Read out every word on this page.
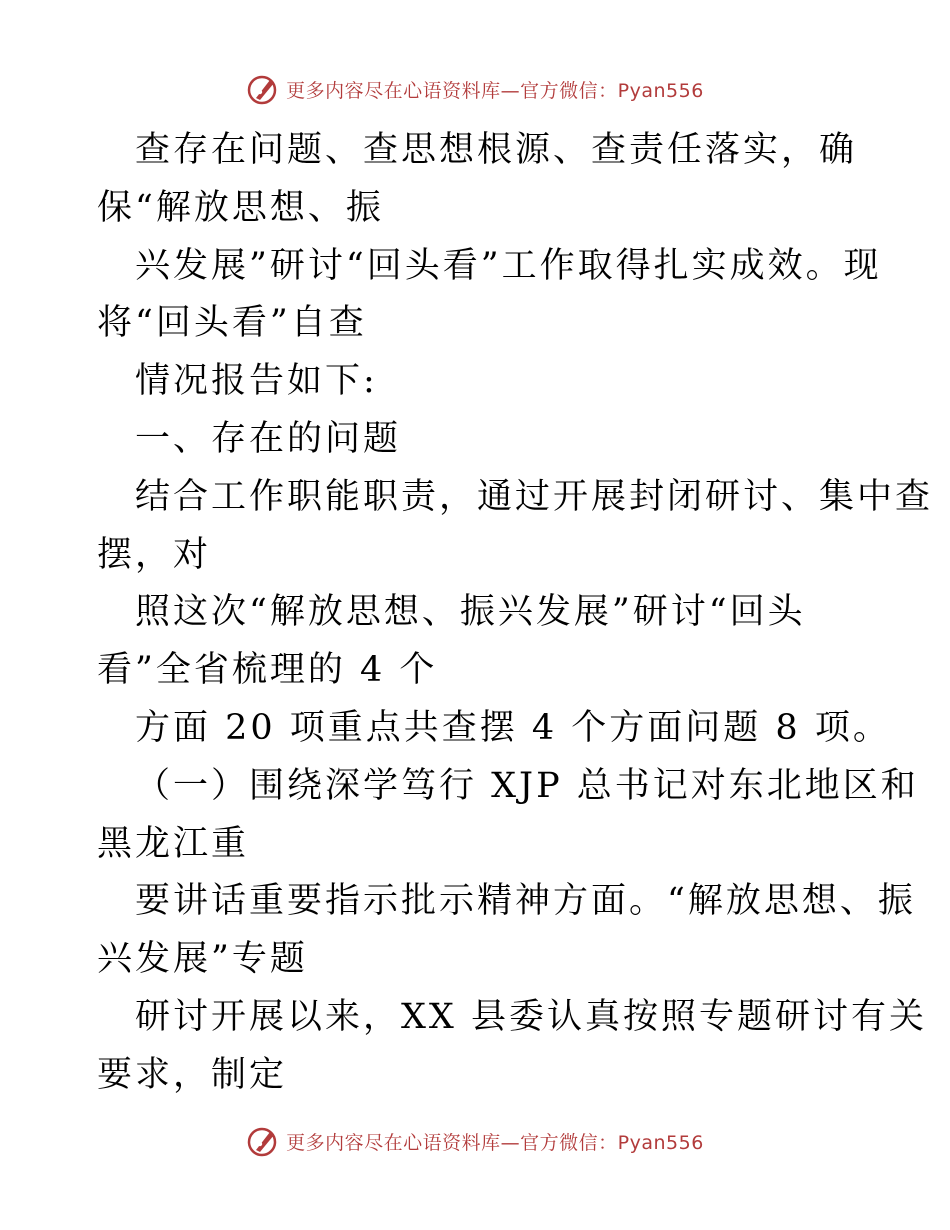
更多内容尽在心语资料库—官方微信：Pyan556
查存在问题、查思想根源、查责任落实，确
保“解放思想、振
兴发展”研讨“回头看”工作取得扎实成效。现
将“回头看”自查
情况报告如下:
一、存在的问题
结合工作职能职责，通过开展封闭研讨、集中查
摆，对
照这次“解放思想、振兴发展”研讨“回头
看”全省梳理的 4 个
方面 20 项重点共查摆 4 个方面问题 8 项。
（一）围绕深学笃行 XJP 总书记对东北地区和
黑龙江重
要讲话重要指示批示精神方面。“解放思想、振
兴发展”专题
研讨开展以来，XX 县委认真按照专题研讨有关
要求，制定
更多内容尽在心语资料库—官方微信：Pyan556
